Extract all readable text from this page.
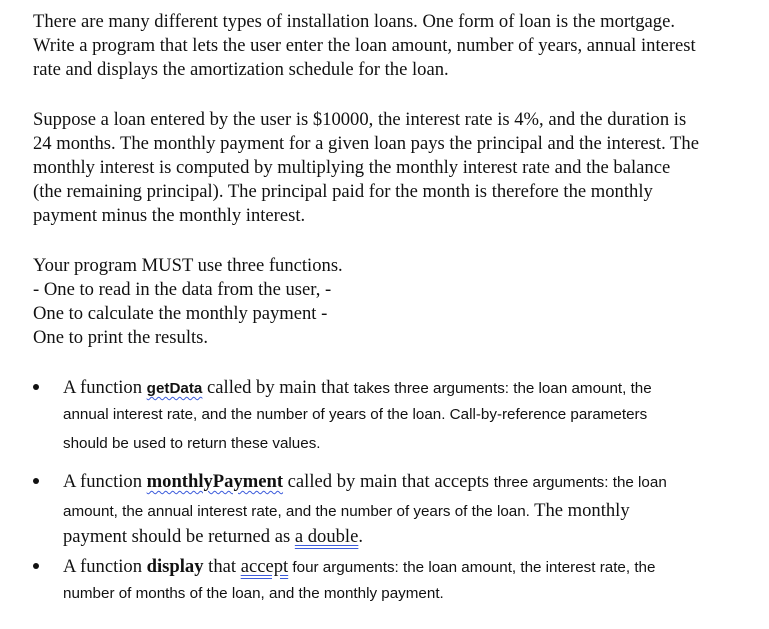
There are many different types of installation loans. One form of loan is the mortgage.
Write a program that lets the user enter the loan amount, number of years, annual interest
rate and displays the amortization schedule for the loan.
Suppose a loan entered by the user is $10000, the interest rate is 4%, and the duration is
24 months. The monthly payment for a given loan pays the principal and the interest. The
monthly interest is computed by multiplying the monthly interest rate and the balance
(the remaining principal). The principal paid for the month is therefore the monthly
payment minus the monthly interest.
Your program MUST use three functions.
- One to read in the data from the user, -
One to calculate the monthly payment -
One to print the results.
A function getData called by main that takes three arguments: the loan amount, the
annual interest rate, and the number of years of the loan. Call-by-reference parameters
should be used to return these values.
A function monthlyPayment called by main that accepts three arguments: the loan
amount, the annual interest rate, and the number of years of the loan. The monthly
payment should be returned as a double.
A function display that accept four arguments: the loan amount, the interest rate, the
number of months of the loan, and the monthly payment.
